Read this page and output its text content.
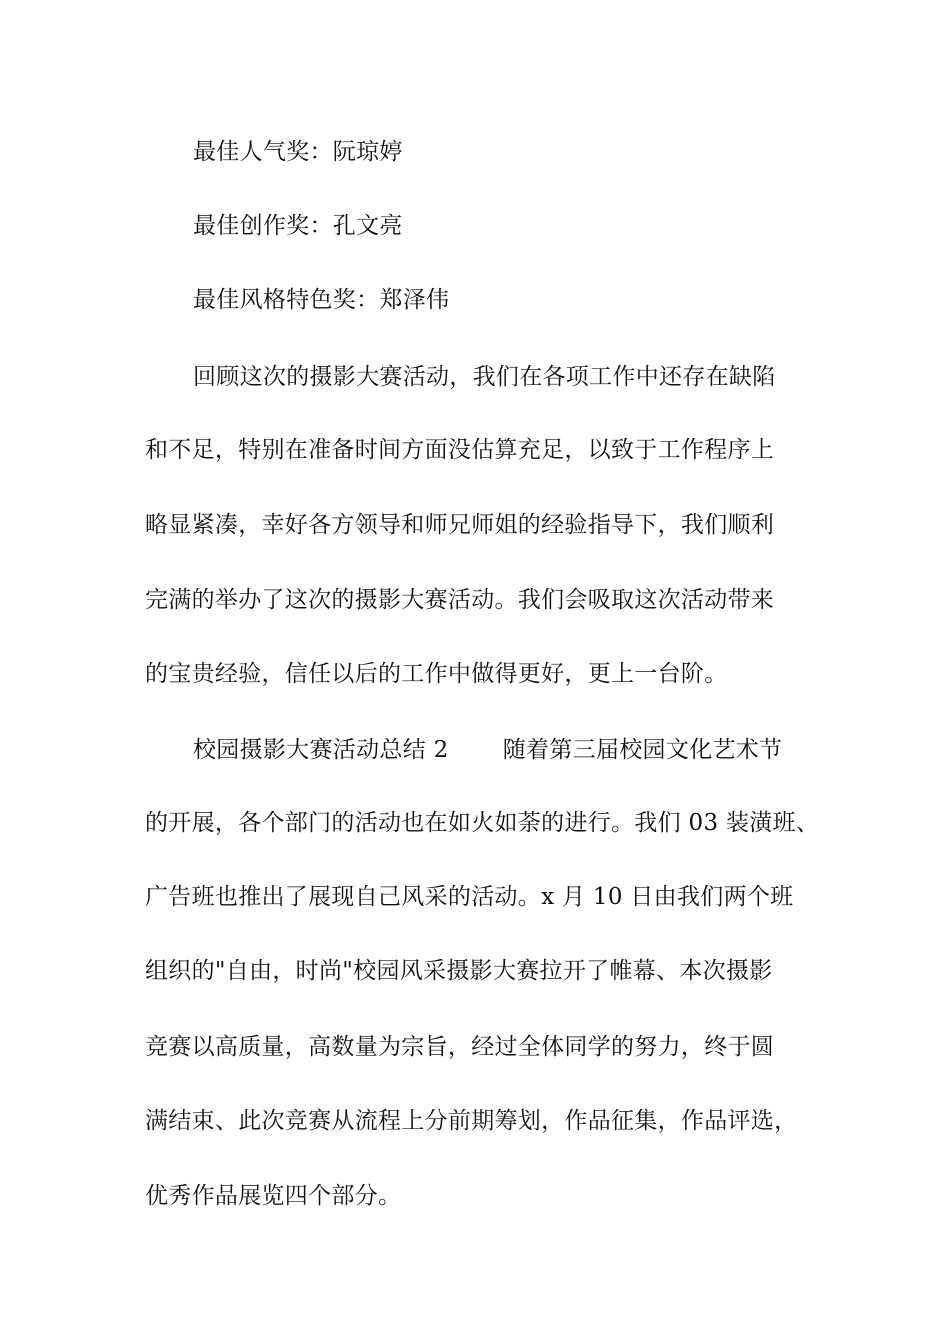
最佳人气奖：阮琼婷
最佳创作奖：孔文亮
最佳风格特色奖：郑泽伟
回顾这次的摄影大赛活动，我们在各项工作中还存在缺陷
和不足，特别在准备时间方面没估算充足，以致于工作程序上
略显紧凑，幸好各方领导和师兄师姐的经验指导下，我们顺利
完满的举办了这次的摄影大赛活动。我们会吸取这次活动带来
的宝贵经验，信任以后的工作中做得更好，更上一台阶。
校园摄影大赛活动总结 2　　 随着第三届校园文化艺术节
的开展，各个部门的活动也在如火如荼的进行。我们 03 装潢班、
广告班也推出了展现自己风采的活动。x 月 10 日由我们两个班
组织的"自由，时尚"校园风采摄影大赛拉开了帷幕、本次摄影
竞赛以高质量，高数量为宗旨，经过全体同学的努力，终于圆
满结束、此次竞赛从流程上分前期筹划，作品征集，作品评选，
优秀作品展览四个部分。
